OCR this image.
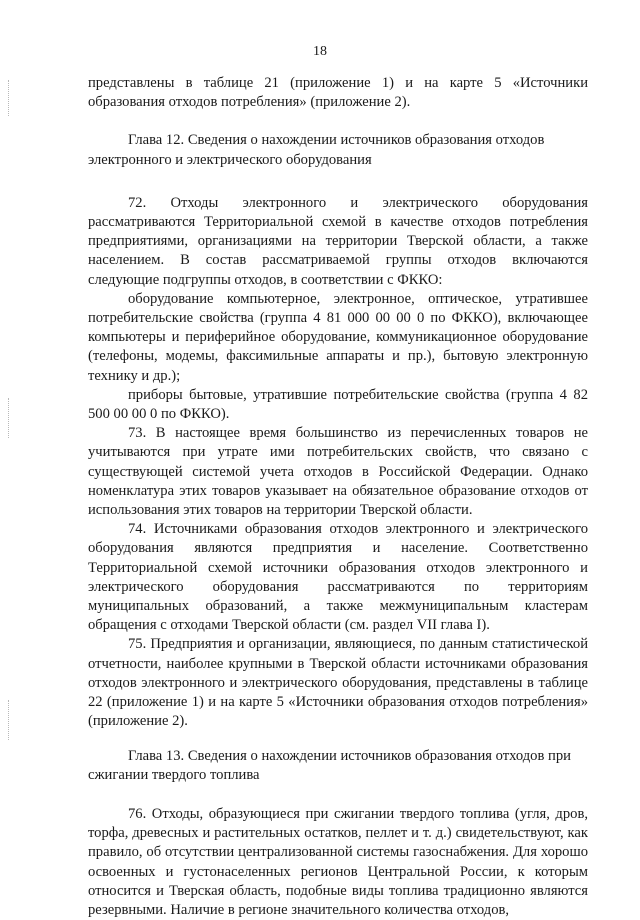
18

представлены в таблице 21 (приложение 1) и на карте 5 «Источники образования отходов потребления» (приложение 2).

Глава 12. Сведения о нахождении источников образования отходов электронного и электрического оборудования

72. Отходы электронного и электрического оборудования рассматриваются Территориальной схемой в качестве отходов потребления предприятиями, организациями на территории Тверской области, а также населением. В состав рассматриваемой группы отходов включаются следующие подгруппы отходов, в соответствии с ФККО:

оборудование компьютерное, электронное, оптическое, утратившее потребительские свойства (группа 4 81 000 00 00 0 по ФККО), включающее компьютеры и периферийное оборудование, коммуникационное оборудование (телефоны, модемы, факсимильные аппараты и пр.), бытовую электронную технику и др.);

приборы бытовые, утратившие потребительские свойства (группа 4 82 500 00 00 0 по ФККО).

73. В настоящее время большинство из перечисленных товаров не учитываются при утрате ими потребительских свойств, что связано с существующей системой учета отходов в Российской Федерации. Однако номенклатура этих товаров указывает на обязательное образование отходов от использования этих товаров на территории Тверской области.

74. Источниками образования отходов электронного и электрического оборудования являются предприятия и население. Соответственно Территориальной схемой источники образования отходов электронного и электрического оборудования рассматриваются по территориям муниципальных образований, а также межмуниципальным кластерам обращения с отходами Тверской области (см. раздел VII глава I).

75. Предприятия и организации, являющиеся, по данным статистической отчетности, наиболее крупными в Тверской области источниками образования отходов электронного и электрического оборудования, представлены в таблице 22 (приложение 1) и на карте 5 «Источники образования отходов потребления» (приложение 2).

Глава 13. Сведения о нахождении источников образования отходов при сжигании твердого топлива

76. Отходы, образующиеся при сжигании твердого топлива (угля, дров, торфа, древесных и растительных остатков, пеллет и т. д.) свидетельствуют, как правило, об отсутствии централизованной системы газоснабжения. Для хорошо освоенных и густонаселенных регионов Центральной России, к которым относится и Тверская область, подобные виды топлива традиционно являются резервными. Наличие в регионе значительного количества отходов,
